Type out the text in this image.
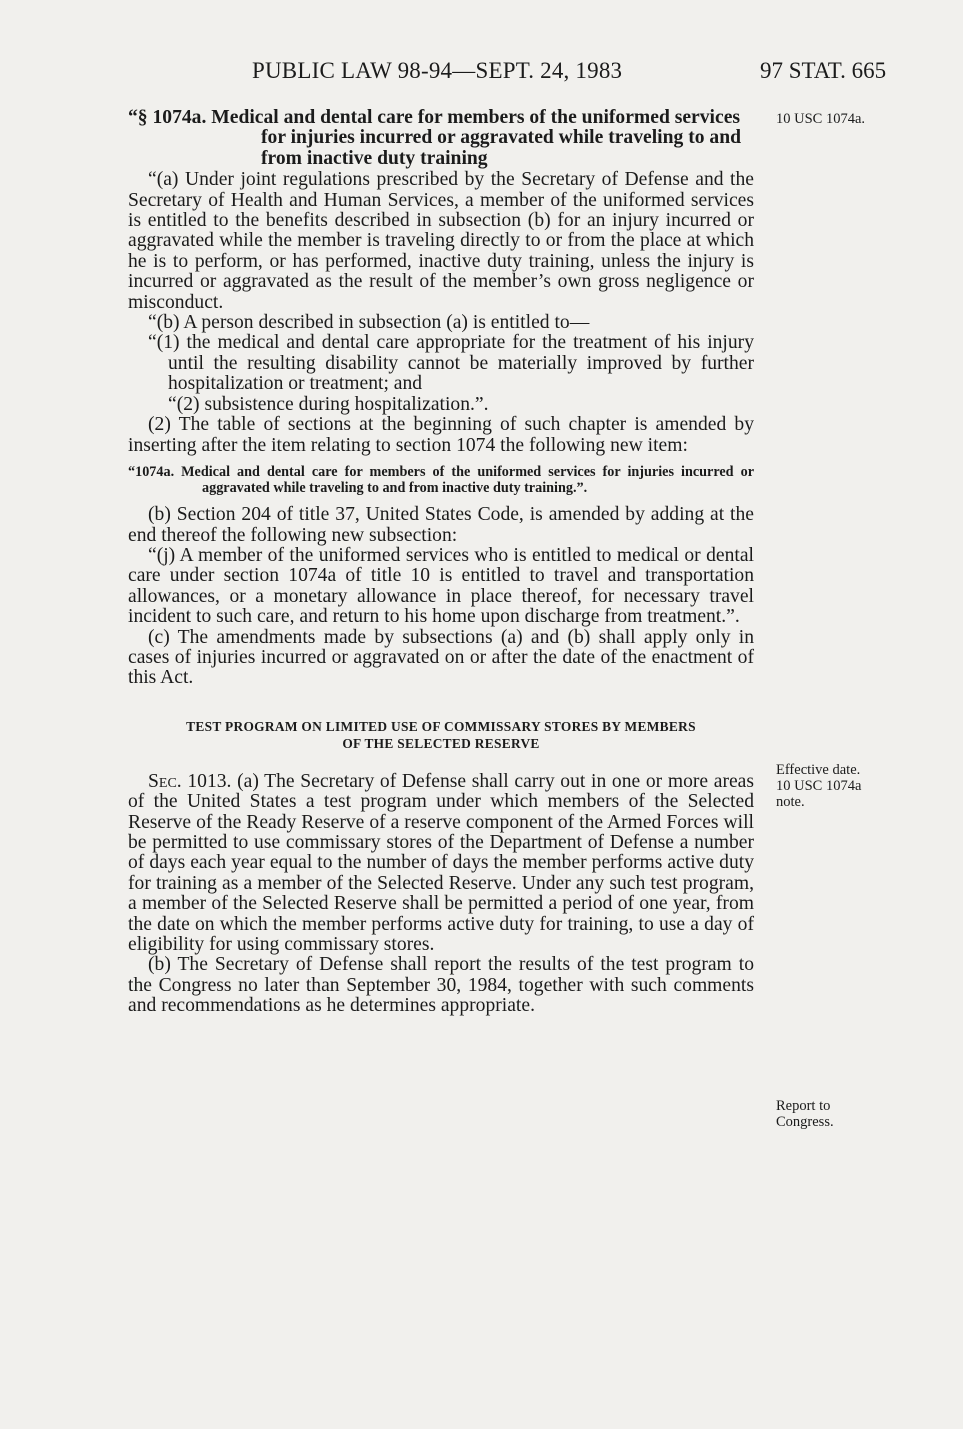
PUBLIC LAW 98-94—SEPT. 24, 1983	97 STAT. 665
10 USC 1074a.
Effective date.
10 USC 1074a
note.
Report to
Congress.

“§ 1074a. Medical and dental care for members of the uniformed services for injuries incurred or aggravated while traveling to and from inactive duty training

“(a) Under joint regulations prescribed by the Secretary of Defense and the Secretary of Health and Human Services, a member of the uniformed services is entitled to the benefits described in subsection (b) for an injury incurred or aggravated while the member is traveling directly to or from the place at which he is to perform, or has performed, inactive duty training, unless the injury is incurred or aggravated as the result of the member’s own gross negligence or misconduct.

“(b) A person described in subsection (a) is entitled to—

“(1) the medical and dental care appropriate for the treatment of his injury until the resulting disability cannot be materially improved by further hospitalization or treatment; and

“(2) subsistence during hospitalization.”.

(2) The table of sections at the beginning of such chapter is amended by inserting after the item relating to section 1074 the following new item:

“1074a. Medical and dental care for members of the uniformed services for injuries incurred or aggravated while traveling to and from inactive duty training.”.

(b) Section 204 of title 37, United States Code, is amended by adding at the end thereof the following new subsection:

“(j) A member of the uniformed services who is entitled to medical or dental care under section 1074a of title 10 is entitled to travel and transportation allowances, or a monetary allowance in place thereof, for necessary travel incident to such care, and return to his home upon discharge from treatment.”.

(c) The amendments made by subsections (a) and (b) shall apply only in cases of injuries incurred or aggravated on or after the date of the enactment of this Act.

TEST PROGRAM ON LIMITED USE OF COMMISSARY STORES BY MEMBERS
OF THE SELECTED RESERVE

Sec. 1013. (a) The Secretary of Defense shall carry out in one or more areas of the United States a test program under which members of the Selected Reserve of the Ready Reserve of a reserve component of the Armed Forces will be permitted to use commissary stores of the Department of Defense a number of days each year equal to the number of days the member performs active duty for training as a member of the Selected Reserve. Under any such test program, a member of the Selected Reserve shall be permitted a period of one year, from the date on which the member performs active duty for training, to use a day of eligibility for using commissary stores.

(b) The Secretary of Defense shall report the results of the test program to the Congress no later than September 30, 1984, together with such comments and recommendations as he determines appropriate.
